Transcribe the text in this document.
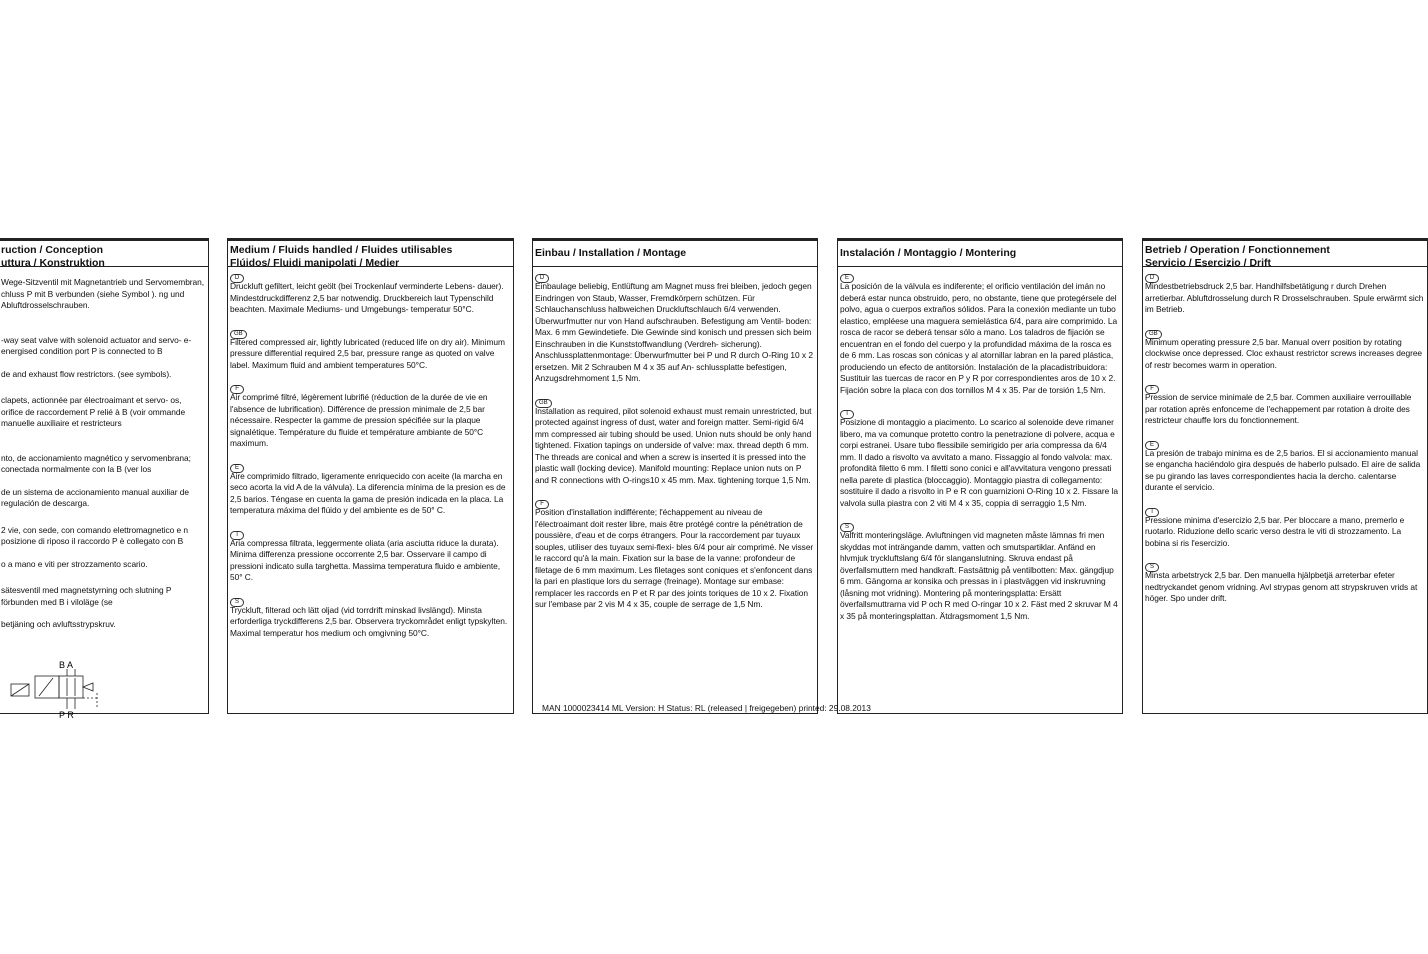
ruction / Conception
uttura / Konstruktion
Wege-Sitzventil mit Magnetantrieb und Servomembran, chluss P mit B verbunden (siehe Symbol ). ng und Abluftdrosselschrauben.
-way seat valve with solenoid actuator and servo- e-energised condition port P is connected to B
de and exhaust flow restrictors. (see symbols).
clapets, actionnée par électroaimant et servo- os, orifice de raccordement P relié à B (voir ommande manuelle auxiliaire et restricteurs
nto, de accionamiento magnético y servomenbrana; conectada normalmente con la B (ver los
de un sistema de accionamiento manual auxiliar de regulación de descarga.
2 vie, con sede, con comando elettromagnetico e n posizione di riposo il raccordo P è collegato con B
o a mano e viti per strozzamento scario.
sätesventil med magnetstyrning och slutning P förbunden med B i viloläge (se
betjäning och avluftsstrypskruv.
B A
P R
Medium / Fluids handled / Fluides utilisables
Flúidos/ Fluidi manipolati / Medier
D
Druckluft gefiltert, leicht geölt (bei Trockenlauf verminderte Lebens- dauer). Mindestdruckdifferenz 2,5 bar notwendig. Druckbereich laut Typenschild beachten. Maximale Mediums- und Umgebungs- temperatur 50°C.
GB
Filtered compressed air, lightly lubricated (reduced life on dry air). Minimum pressure differential required 2,5 bar, pressure range as quoted on valve label. Maximum fluid and ambient temperatures 50°C.
F
Air comprimé filtré, légèrement lubrifié (réduction de la durée de vie en l'absence de lubrification). Différence de pression minimale de 2,5 bar nécessaire. Respecter la gamme de pression spécifiée sur la plaque signalétique. Température du fluide et température ambiante de 50°C maximum.
E
Aire comprimido filtrado, ligeramente enriquecido con aceite (la marcha en seco acorta la vid A de la válvula). La diferencia mínima de la presion es de 2,5 barios. Téngase en cuenta la gama de presión indicada en la placa. La temperatura máxima del flúido y del ambiente es de 50° C.
I
Aria compressa filtrata, leggermente oliata (aria asciutta riduce la durata). Minima differenza pressione occorrente 2,5 bar. Osservare il campo di pressioni indicato sulla targhetta. Massima temperatura fluido e ambiente, 50° C.
S
Tryckluft, filterad och lätt oljad (vid torrdrift minskad livslängd). Minsta erforderliga tryckdifferens 2,5 bar. Observera tryckområdet enligt typskylten. Maximal temperatur hos medium och omgivning 50°C.
Einbau / Installation / Montage
D
Einbaulage beliebig, Entlüftung am Magnet muss frei bleiben, jedoch gegen Eindringen von Staub, Wasser, Fremdkörpern schützen. Für Schlauchanschluss halbweichen Druckluftschlauch 6/4 verwenden. Überwurfmutter nur von Hand aufschrauben. Befestigung am Ventil- boden: Max. 6 mm Gewindetiefe. Die Gewinde sind konisch und pressen sich beim Einschrauben in die Kunststoffwandlung (Verdreh- sicherung). Anschlussplattenmontage: Überwurfmutter bei P und R durch O-Ring 10 x 2 ersetzen. Mit 2 Schrauben M 4 x 35 auf An- schlussplatte befestigen, Anzugsdrehmoment 1,5 Nm.
GB
Installation as required, pilot solenoid exhaust must remain unrestricted, but protected against ingress of dust, water and foreign matter. Semi-rigid 6/4 mm compressed air tubing should be used. Union nuts should be only hand tightened. Fixation tapings on underside of valve: max. thread depth 6 mm. The threads are conical and when a screw is inserted it is pressed into the plastic wall (locking device). Manifold mounting: Replace union nuts on P and R connections with O-rings10 x 45 mm. Max. tightening torque 1,5 Nm.
F
Position d'installation indifférente; l'échappement au niveau de l'électroaimant doit rester libre, mais être protégé contre la pénétration de poussière, d'eau et de corps étrangers. Pour la raccordement par tuyaux souples, utiliser des tuyaux semi-flexi- bles 6/4 pour air comprimé. Ne visser le raccord qu'à la main. Fixation sur la base de la vanne: profondeur de filetage de 6 mm maximum. Les filetages sont coniques et s'enfoncent dans la pari en plastique lors du serrage (freinage). Montage sur embase: remplacer les raccords en P et R par des joints toriques de 10 x 2. Fixation sur l'embase par 2 vis M 4 x 35, couple de serrage de 1,5 Nm.
Instalación / Montaggio / Montering
E
La posición de la válvula es indiferente; el orificio ventilación del imán no deberá estar nunca obstruido, pero, no obstante, tiene que protegérsele del polvo, agua o cuerpos extraños sólidos. Para la conexión mediante un tubo elastico, empléese una maguera semielástica 6/4, para aire comprimido. La rosca de racor se deberá tensar sólo a mano. Los taladros de fijación se encuentran en el fondo del cuerpo y la profundidad máxima de la rosca es de 6 mm. Las roscas son cónicas y al atornillar labran en la pared plástica, produciendo un efecto de antitorsión. Instalación de la placadistribuidora: Sustituir las tuercas de racor en P y R por correspondientes aros de 10 x 2. Fijación sobre la placa con dos tornillos M 4 x 35. Par de torsión 1,5 Nm.
I
Posizione di montaggio a piacimento. Lo scarico al solenoide deve rimaner libero, ma va comunque protetto contro la penetrazione di polvere, acqua e corpi estranei. Usare tubo flessibile semirigido per aria compressa da 6/4 mm. Il dado a risvolto va avvitato a mano. Fissaggio al fondo valvola: max. profondità filetto 6 mm. I filetti sono conici e all'avvitatura vengono pressati nella parete di plastica (bloccaggio). Montaggio piastra di collegamento: sostituire il dado a risvolto in P e R con guarnizioni O-Ring 10 x 2. Fissare la valvola sulla piastra con 2 viti M 4 x 35, coppia di serraggio 1,5 Nm.
S
Valfritt monteringsläge. Avluftningen vid magneten måste lämnas fri men skyddas mot inträngande damm, vatten och smutspartiklar. Anfänd en hlvmjuk tryckluftslang 6/4 för slanganslutning. Skruva endast på överfallsmuttern med handkraft. Fastsättnig på ventilbotten: Max. gängdjup 6 mm. Gängorna ar konsika och pressas in i plastväggen vid inskruvning (låsning mot vridning). Montering på monteringsplatta: Ersätt överfallsmuttrarna vid P och R med O-ringar 10 x 2. Fäst med 2 skruvar M 4 x 35 på monteringsplattan. Ätdragsmoment 1,5 Nm.
Betrieb / Operation / Fonctionnement
Servicio / Esercizio / Drift
D
Mindestbetriebsdruck 2,5 bar. Handhilfsbetätigung r durch Drehen arretierbar. Abluftdrosselung durch R Drosselschrauben. Spule erwärmt sich im Betrieb.
GB
Minimum operating pressure 2,5 bar. Manual overr position by rotating clockwise once depressed. Cloc exhaust restrictor screws increases degree of restr becomes warm in operation.
F
Pression de service minimale de 2,5 bar. Commen auxiliaire verrouillable par rotation après enfonceme de l'echappement par rotation à droite des restricteur chauffe lors du fonctionnement.
E
La presión de trabajo minima es de 2,5 barios. El si accionamiento manual se engancha haciéndolo gira después de haberlo pulsado. El aire de salida se pu girando las laves correspondientes hacia la dercho. calentarse durante el servicio.
I
Pressione minima d'esercizio 2,5 bar. Per bloccare a mano, premerlo e ruotarlo. Riduzione dello scaric verso destra le viti di strozzamento. La bobina si ris l'esercizio.
S
Minsta arbetstryck 2,5 bar. Den manuella hjälpbetjä arreterbar efeter nedtryckandet genom vridning. Avl strypas genom att strypskruven vrids at höger. Spo under drift.
MAN 1000023414 ML Version: H Status: RL (released | freigegeben) printed: 29.08.2013
